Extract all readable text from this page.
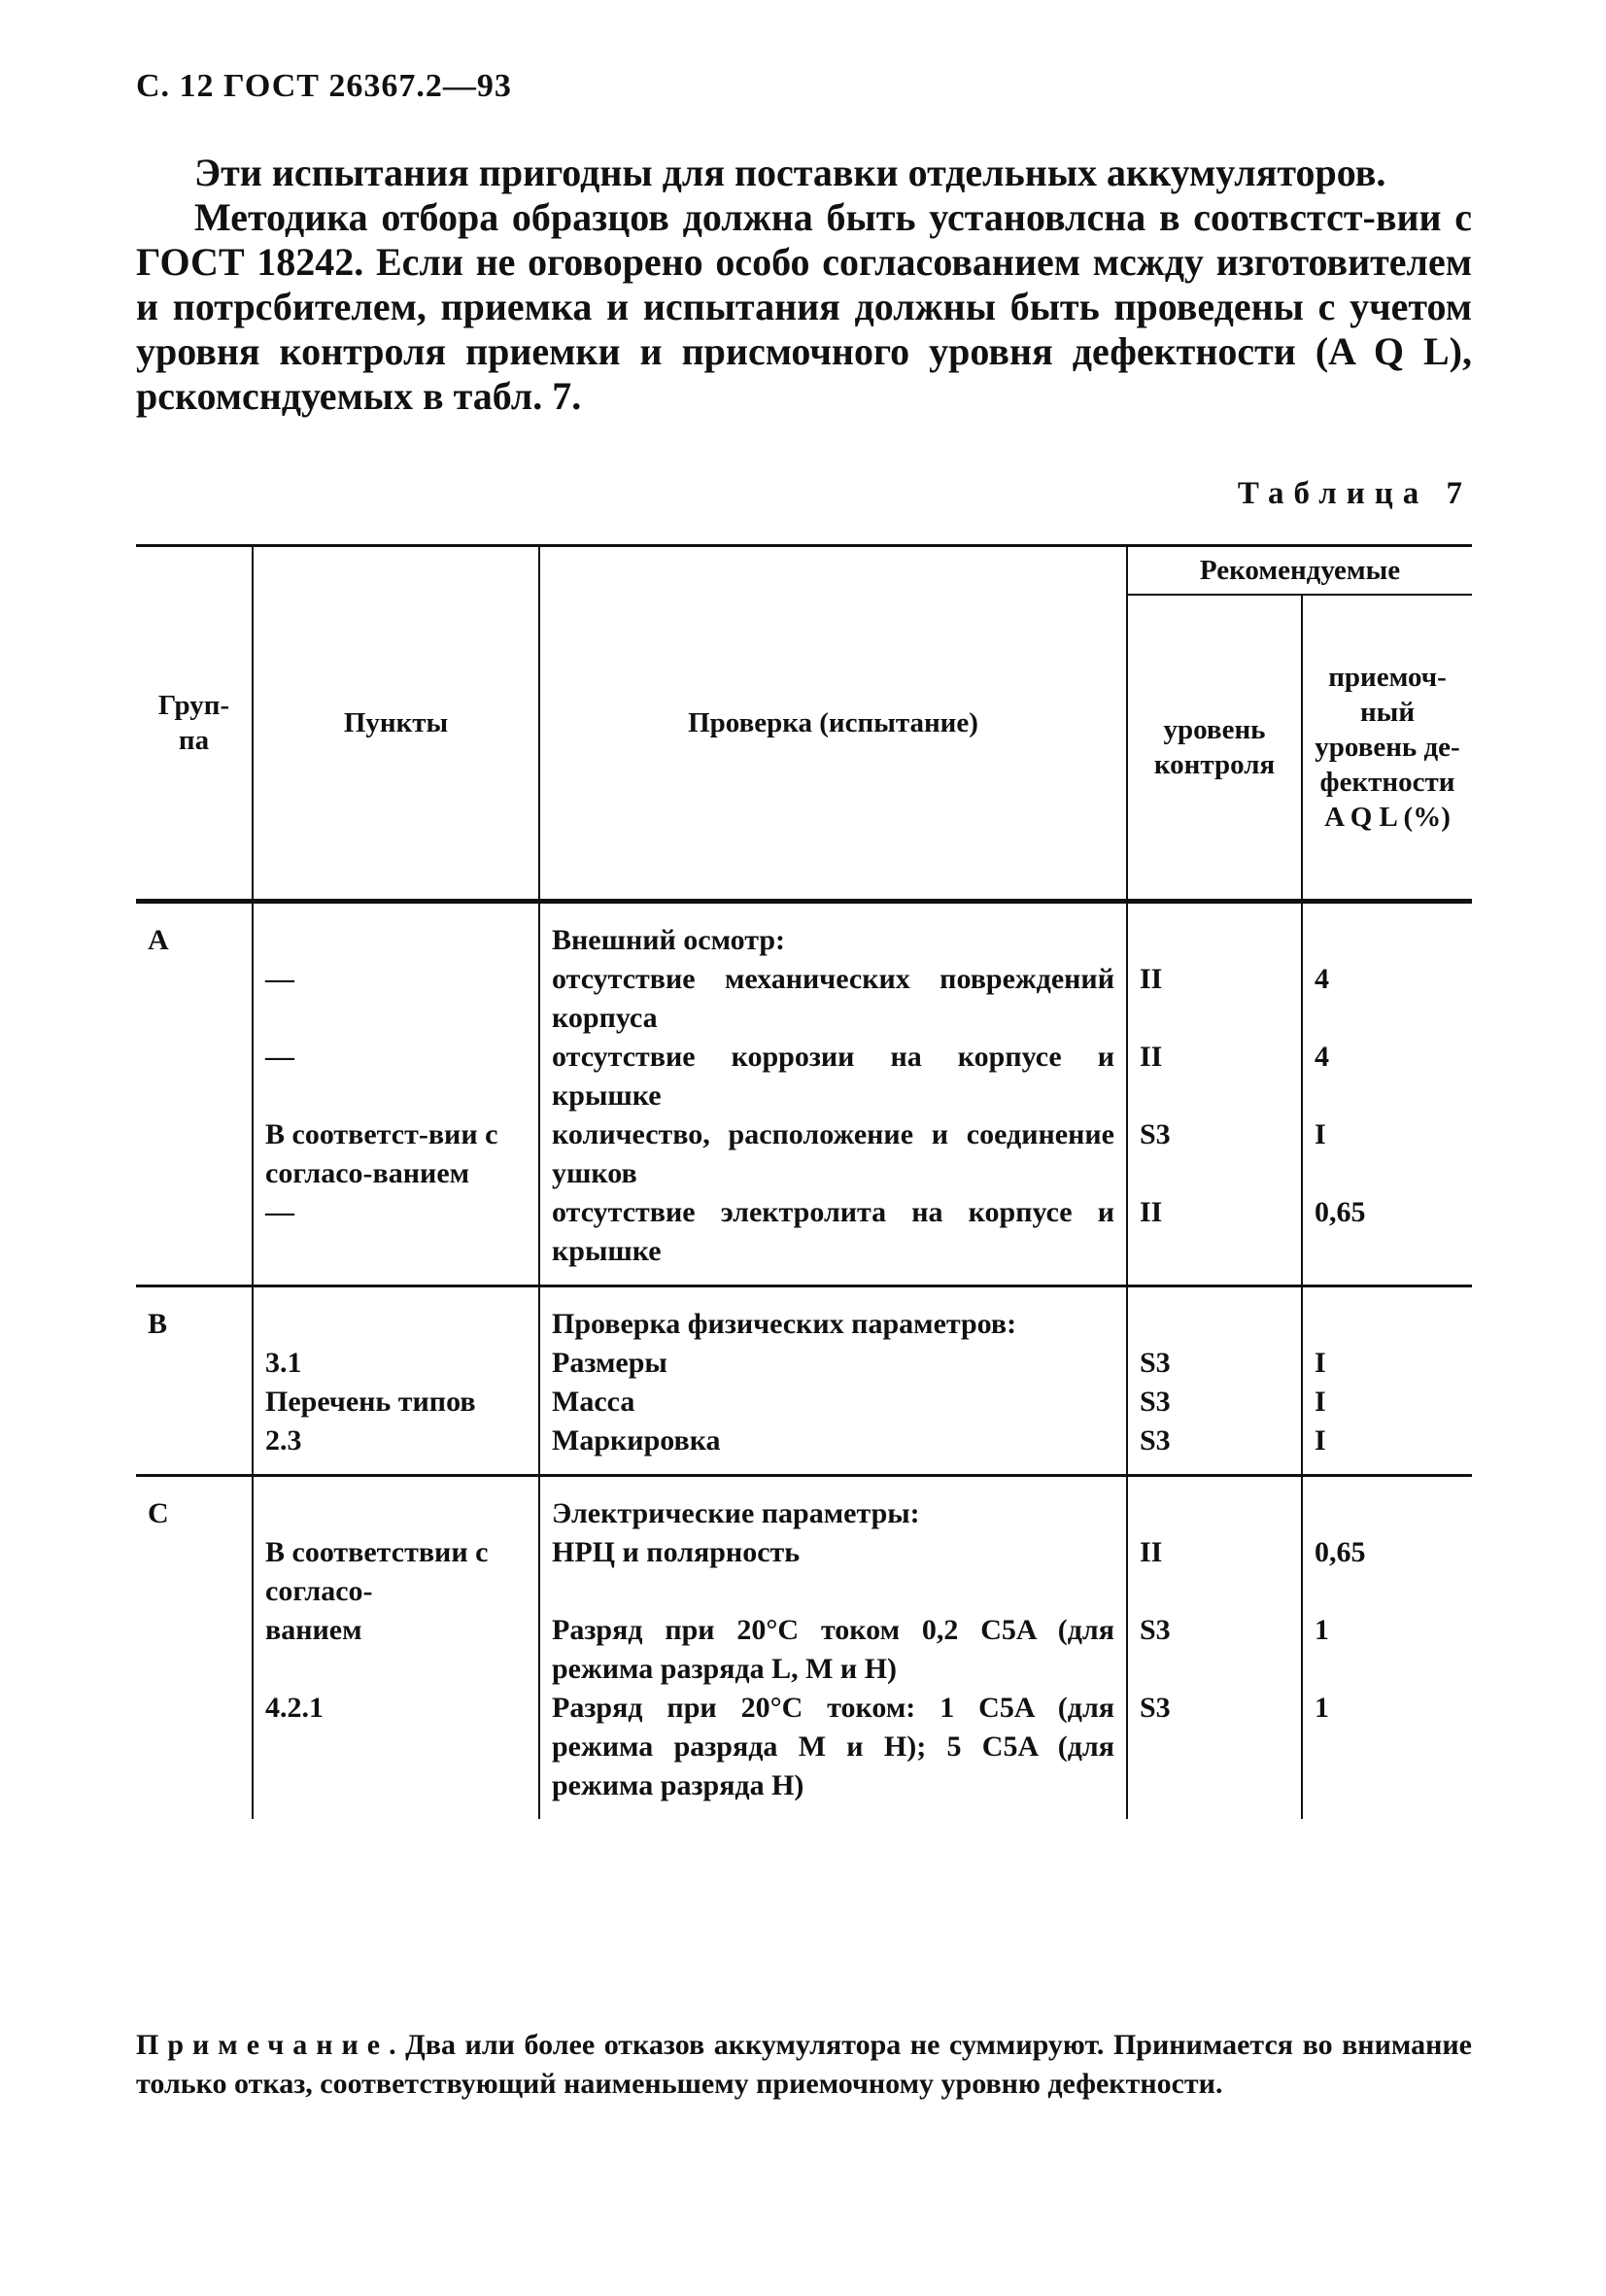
С. 12 ГОСТ 26367.2—93

Эти испытания пригодны для поставки отдельных аккумуляторов.

Методика отбора образцов должна быть установлсна в соотвстст-вии с ГОСТ 18242. Если не оговорено особо согласованием мсжду изготовителем и потрсбителем, приемка и испытания должны быть проведены с учетом уровня контроля приемки и присмочного уровня дефектности (A Q L), рскомсндуемых в табл. 7.

Таблица 7
Груп-па	Пункты	Проверка (испытание)	Рекомендуемые	
			уровень контроля	приемоч-ный уровень де-фектности A Q L (%)
A		Внешний осмотр:		
	—	отсутствие механических повреждений корпуса	II	4
	—	отсутствие коррозии на корпусе и крышке	II	4
	В соответст-вии с согласо-ванием	количество, расположение и соединение ушков	S3	I
	—	отсутствие электролита на корпусе и крышке	II	0,65
B		Проверка физических параметров:		
	3.1	Размеры	S3	I
	Перечень типов	Масса	S3	I
	2.3	Маркировка	S3	I
C		Электрические параметры:		
	В соответствии с согласо-	НРЦ и полярность	II	0,65
	ванием	Разряд при 20°C током 0,2 C5A (для режима разряда L, M и H)	S3	1
	4.2.1	Разряд при 20°C током: 1 C5A (для режима разряда M и H); 5 C5A (для режима разряда H)	S3	1
Примечание. Два или более отказов аккумулятора не суммируют. Принимается во внимание только отказ, соответствующий наименьшему приемочному уровню дефектности.
